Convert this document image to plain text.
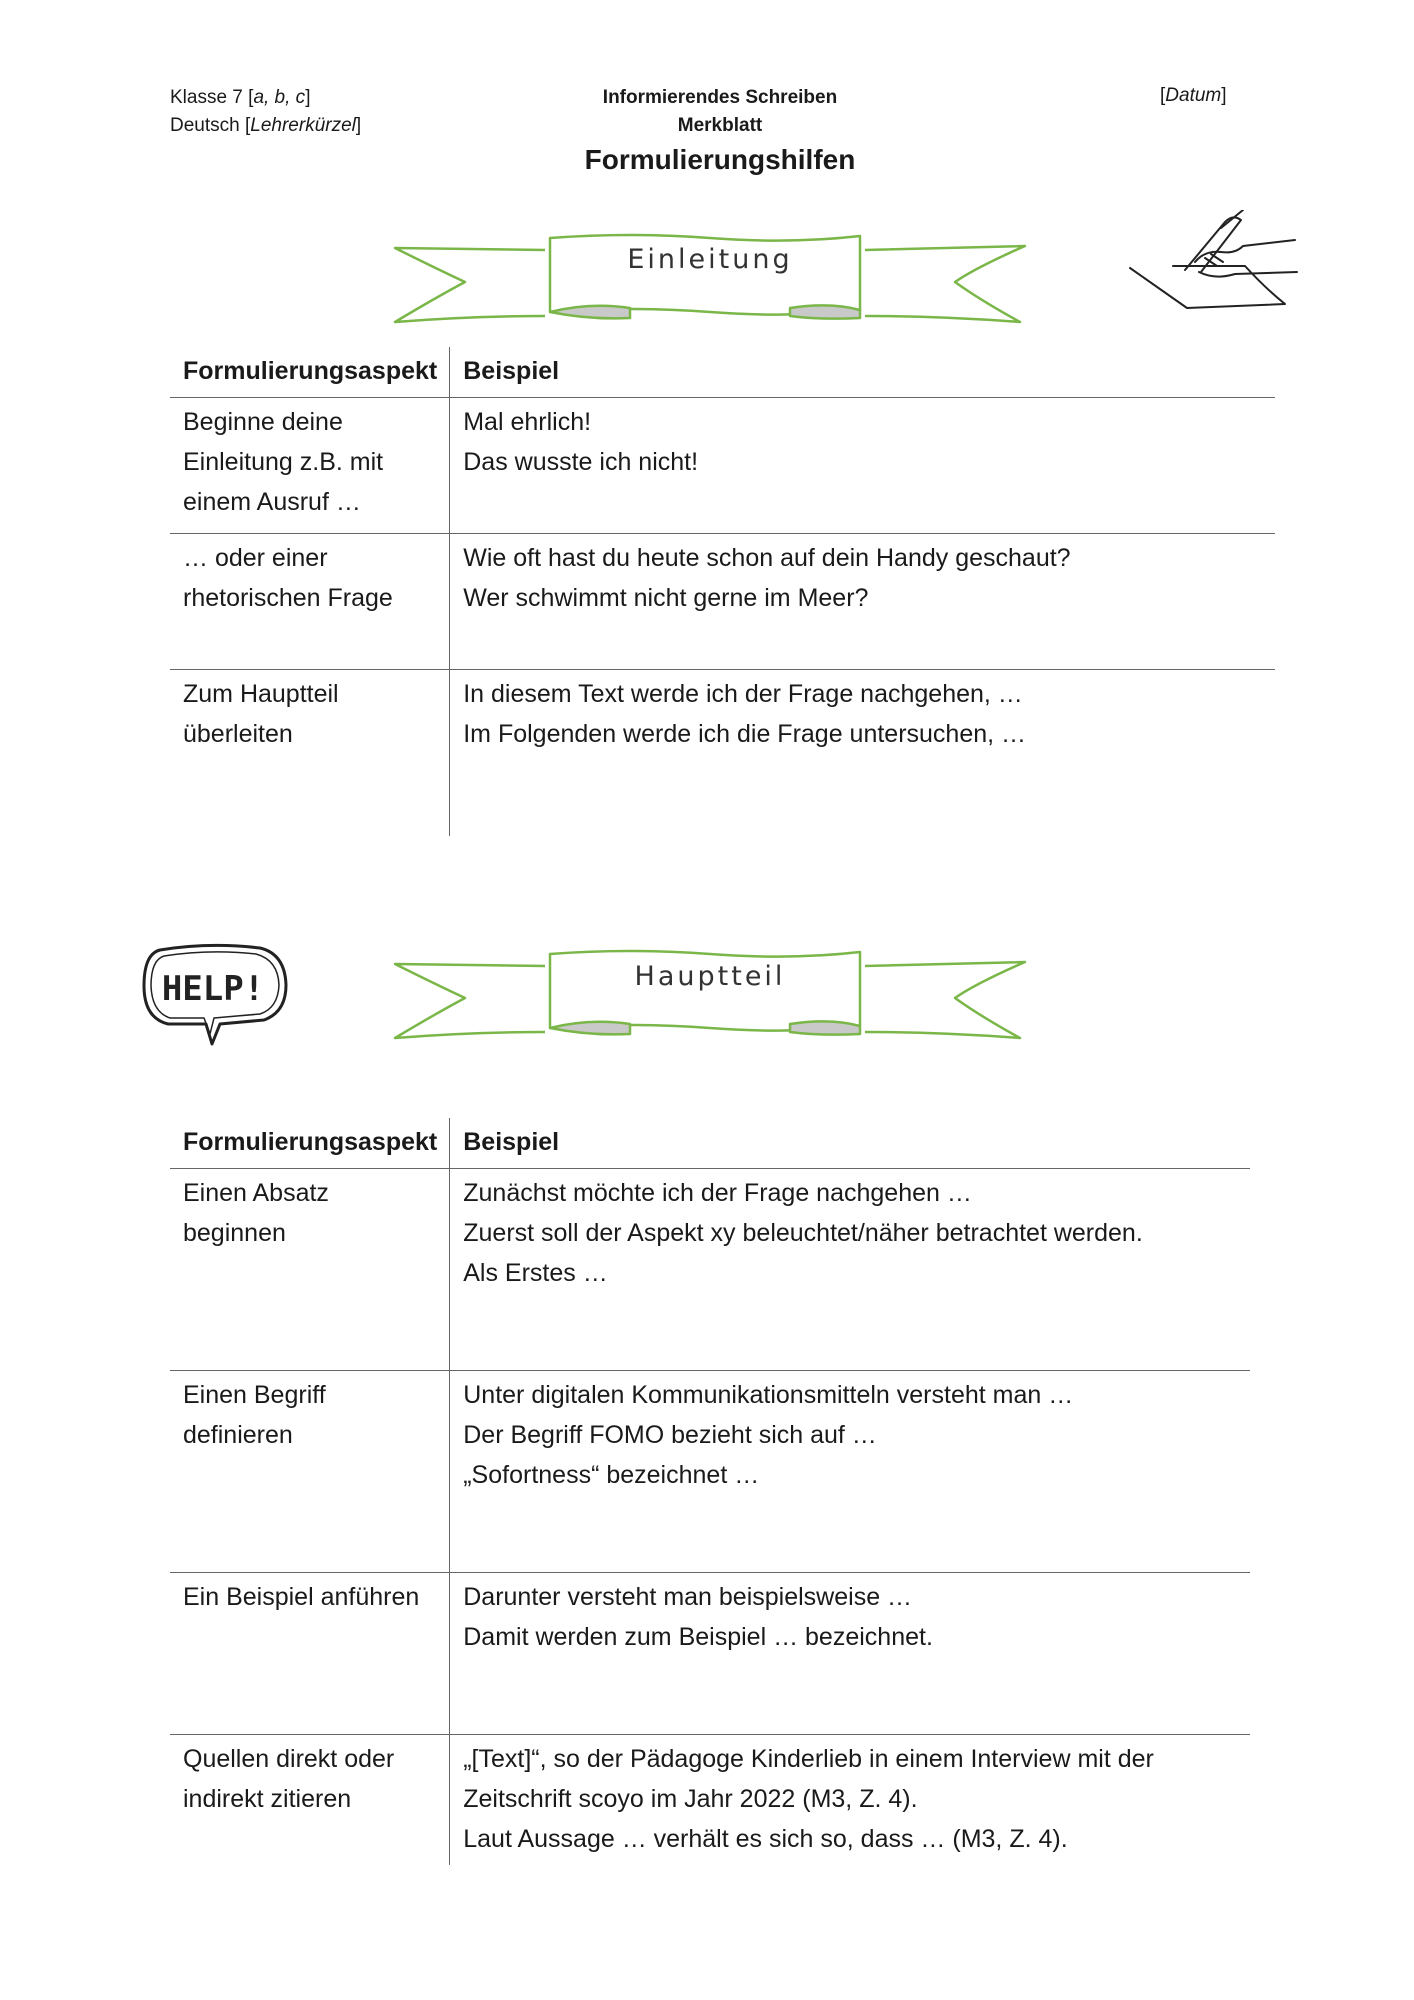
Klasse 7 [a, b, c]
Deutsch [Lehrerkürzel]
Informierendes Schreiben
Merkblatt
Formulierungshilfen
[Datum]
Einleitung
Formulierungsaspekt	Beispiel

Beginne deine
Einleitung z.B. mit
einem Ausruf …	Mal ehrlich!
Das wusste ich nicht!

… oder einer
rhetorischen Frage	Wie oft hast du heute schon auf dein Handy geschaut?
Wer schwimmt nicht gerne im Meer?

Zum Hauptteil
überleiten	In diesem Text werde ich der Frage nachgehen, …
Im Folgenden werde ich die Frage untersuchen, …
HELP!	Hauptteil
Formulierungsaspekt	Beispiel

Einen Absatz
beginnen	Zunächst möchte ich der Frage nachgehen …
Zuerst soll der Aspekt xy beleuchtet/näher betrachtet werden.
Als Erstes …

Einen Begriff
definieren	Unter digitalen Kommunikationsmitteln versteht man …
Der Begriff FOMO bezieht sich auf …
„Sofortness“ bezeichnet …

Ein Beispiel anführen	Darunter versteht man beispielsweise …
Damit werden zum Beispiel … bezeichnet.

Quellen direkt oder
indirekt zitieren	„[Text]“, so der Pädagoge Kinderlieb in einem Interview mit der
Zeitschrift scoyo im Jahr 2022 (M3, Z. 4).
Laut Aussage … verhält es sich so, dass … (M3, Z. 4).
